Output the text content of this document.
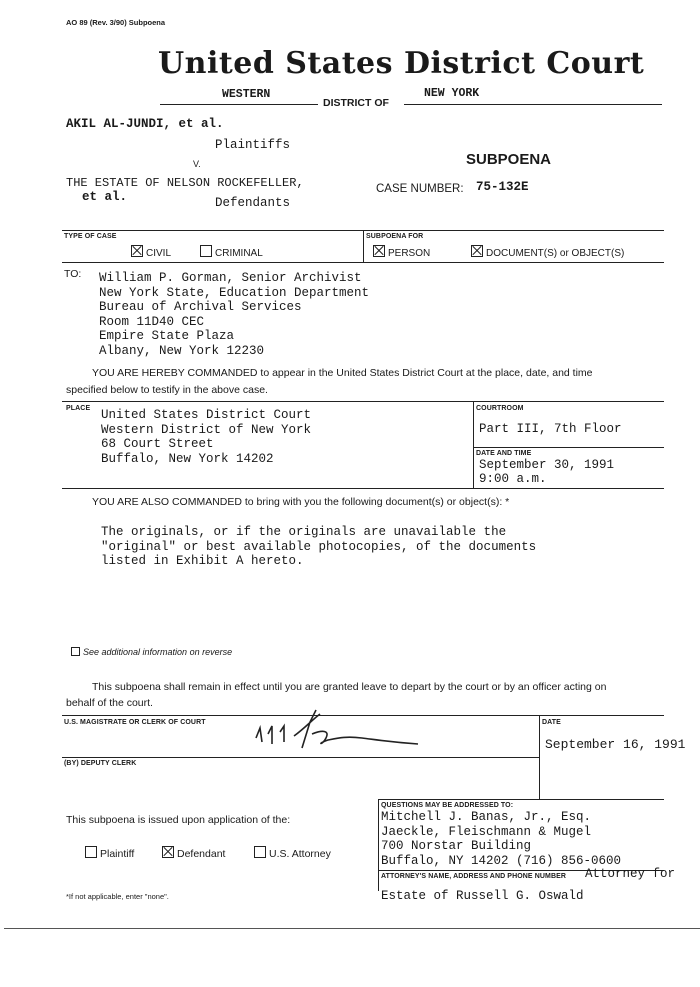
AO 89 (Rev. 3/90) Subpoena
United States District Court
WESTERN	NEW YORK
DISTRICT OF
AKIL AL-JUNDI, et al.
Plaintiffs
V.
THE ESTATE OF NELSON ROCKEFELLER,
et al.	Defendants
SUBPOENA
CASE NUMBER: 75-132E
TYPE OF CASE
CIVIL	CRIMINAL
SUBPOENA FOR
PERSON	DOCUMENT(S) or OBJECT(S)
TO: William P. Gorman, Senior Archivist
New York State, Education Department
Bureau of Archival Services
Room 11D40 CEC
Empire State Plaza
Albany, New York 12230
YOU ARE HEREBY COMMANDED to appear in the United States District Court at the place, date, and time
specified below to testify in the above case.
PLACE United States District Court
Western District of New York
68 Court Street
Buffalo, New York 14202
COURTROOM
Part III, 7th Floor
DATE AND TIME
September 30, 1991
9:00 a.m.
YOU ARE ALSO COMMANDED to bring with you the following document(s) or object(s): *
The originals, or if the originals are unavailable the
"original" or best available photocopies, of the documents
listed in Exhibit A hereto.
See additional information on reverse
This subpoena shall remain in effect until you are granted leave to depart by the court or by an officer acting on
behalf of the court.
U.S. MAGISTRATE OR CLERK OF COURT	DATE
September 16, 1991
(BY) DEPUTY CLERK
QUESTIONS MAY BE ADDRESSED TO:
Mitchell J. Banas, Jr., Esq.
Jaeckle, Fleischmann & Mugel
700 Norstar Building
Buffalo, NY 14202 (716) 856-0600
ATTORNEY'S NAME, ADDRESS AND PHONE NUMBER Attorney for
Estate of Russell G. Oswald
This subpoena is issued upon application of the:
Plaintiff	Defendant	U.S. Attorney
*If not applicable, enter "none".
